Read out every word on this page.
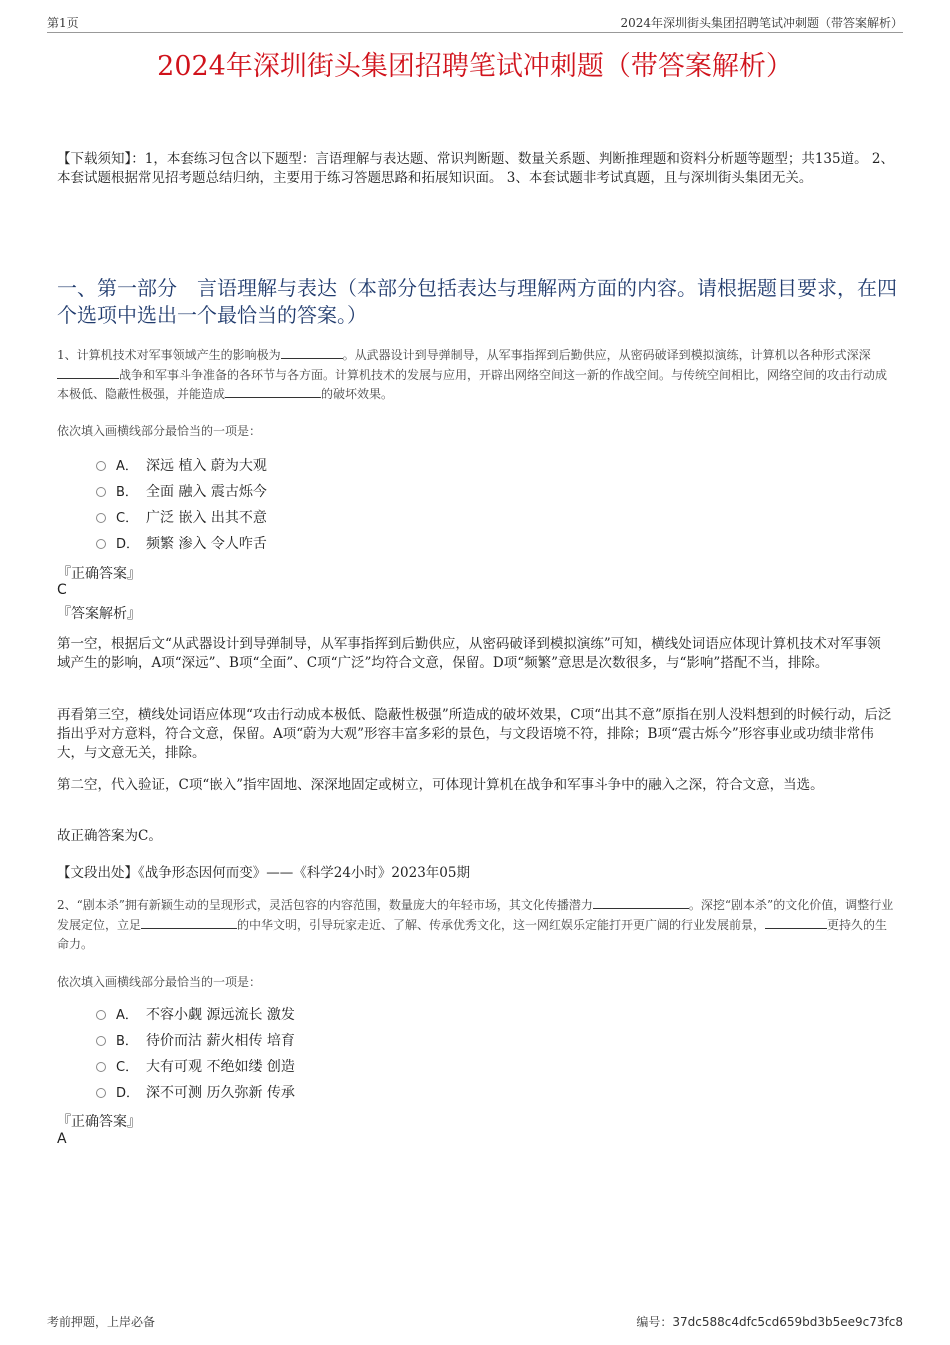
第1页	2024年深圳街头集团招聘笔试冲刺题（带答案解析）
2024年深圳街头集团招聘笔试冲刺题（带答案解析）
【下载须知】：1，本套练习包含以下题型：言语理解与表达题、常识判断题、数量关系题、判断推理题和资料分析题等题型；共135道。 2、本套试题根据常见招考题总结归纳，主要用于练习答题思路和拓展知识面。 3、本套试题非考试真题，且与深圳街头集团无关。
一、第一部分　言语理解与表达（本部分包括表达与理解两方面的内容。请根据题目要求，在四个选项中选出一个最恰当的答案。）
1、计算机技术对军事领域产生的影响极为	。从武器设计到导弹制导，从军事指挥到后勤供应，从密码破译到模拟演练，计算机以各种形式深深战争和军事斗争准备的各环节与各方面。计算机技术的发展与应用，开辟出网络空间这一新的作战空间。与传统空间相比，网络空间的攻击行动成本极低、隐蔽性极强，并能造成	的破坏效果。
依次填入画横线部分最恰当的一项是：
A． 深远 植入 蔚为大观
B． 全面 融入 震古烁今
C． 广泛 嵌入 出其不意
D． 频繁 渗入 令人咋舌
『正确答案』
C
『答案解析』
第一空，根据后文“从武器设计到导弹制导，从军事指挥到后勤供应，从密码破译到模拟演练”可知，横线处词语应体现计算机技术对军事领域产生的影响，A项“深远”、B项“全面”、C项“广泛”均符合文意，保留。D项“频繁”意思是次数很多，与“影响”搭配不当，排除。
再看第三空，横线处词语应体现“攻击行动成本极低、隐蔽性极强”所造成的破坏效果，C项“出其不意”原指在别人没料想到的时候行动，后泛指出乎对方意料，符合文意，保留。A项“蔚为大观”形容丰富多彩的景色，与文段语境不符，排除；B项“震古烁今”形容事业或功绩非常伟大，与文意无关，排除。
第二空，代入验证，C项“嵌入”指牢固地、深深地固定或树立，可体现计算机在战争和军事斗争中的融入之深，符合文意，当选。
故正确答案为C。
【文段出处】《战争形态因何而变》——《科学24小时》2023年05期
2、“剧本杀”拥有新颖生动的呈现形式，灵活包容的内容范围，数量庞大的年轻市场，其文化传播潜力	。深挖“剧本杀”的文化价值，调整行业发展定位，立足	的中华文明，引导玩家走近、了解、传承优秀文化，这一网红娱乐定能打开更广阔的行业发展前景，	更持久的生命力。
依次填入画横线部分最恰当的一项是：
A． 不容小觑 源远流长 激发
B． 待价而沽 薪火相传 培育
C． 大有可观 不绝如缕 创造
D． 深不可测 历久弥新 传承
『正确答案』
A
考前押题，上岸必备	编号：37dc588c4dfc5cd659bd3b5ee9c73fc8
